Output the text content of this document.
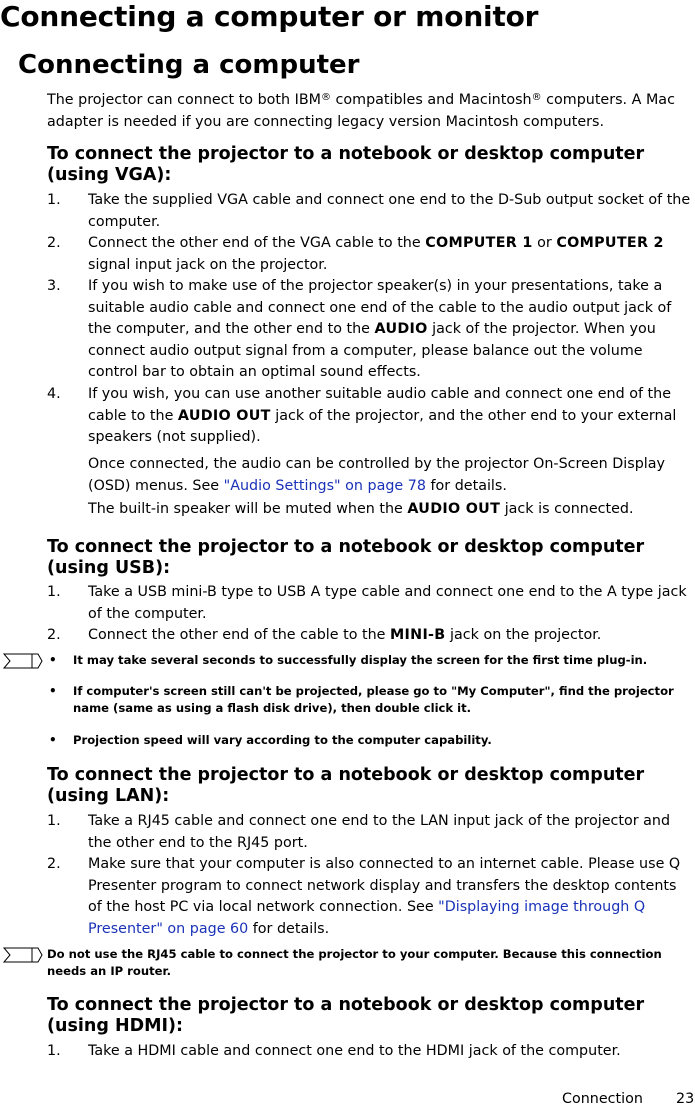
Connecting a computer or monitor
Connecting a computer
The projector can connect to both IBM® compatibles and Macintosh® computers. A Mac adapter is needed if you are connecting legacy version Macintosh computers.
To connect the projector to a notebook or desktop computer (using VGA):
1. Take the supplied VGA cable and connect one end to the D-Sub output socket of the computer.
2. Connect the other end of the VGA cable to the COMPUTER 1 or COMPUTER 2 signal input jack on the projector.
3. If you wish to make use of the projector speaker(s) in your presentations, take a suitable audio cable and connect one end of the cable to the audio output jack of the computer, and the other end to the AUDIO jack of the projector. When you connect audio output signal from a computer, please balance out the volume control bar to obtain an optimal sound effects.
4. If you wish, you can use another suitable audio cable and connect one end of the cable to the AUDIO OUT jack of the projector, and the other end to your external speakers (not supplied).
Once connected, the audio can be controlled by the projector On-Screen Display (OSD) menus. See "Audio Settings" on page 78 for details.
The built-in speaker will be muted when the AUDIO OUT jack is connected.
To connect the projector to a notebook or desktop computer (using USB):
1. Take a USB mini-B type to USB A type cable and connect one end to the A type jack of the computer.
2. Connect the other end of the cable to the MINI-B jack on the projector.
• It may take several seconds to successfully display the screen for the first time plug-in.
• If computer's screen still can't be projected, please go to "My Computer", find the projector name (same as using a flash disk drive), then double click it.
• Projection speed will vary according to the computer capability.
To connect the projector to a notebook or desktop computer (using LAN):
1. Take a RJ45 cable and connect one end to the LAN input jack of the projector and the other end to the RJ45 port.
2. Make sure that your computer is also connected to an internet cable. Please use Q Presenter program to connect network display and transfers the desktop contents of the host PC via local network connection. See "Displaying image through Q Presenter" on page 60 for details.
Do not use the RJ45 cable to connect the projector to your computer. Because this connection needs an IP router.
To connect the projector to a notebook or desktop computer (using HDMI):
1. Take a HDMI cable and connect one end to the HDMI jack of the computer.
Connection 23
